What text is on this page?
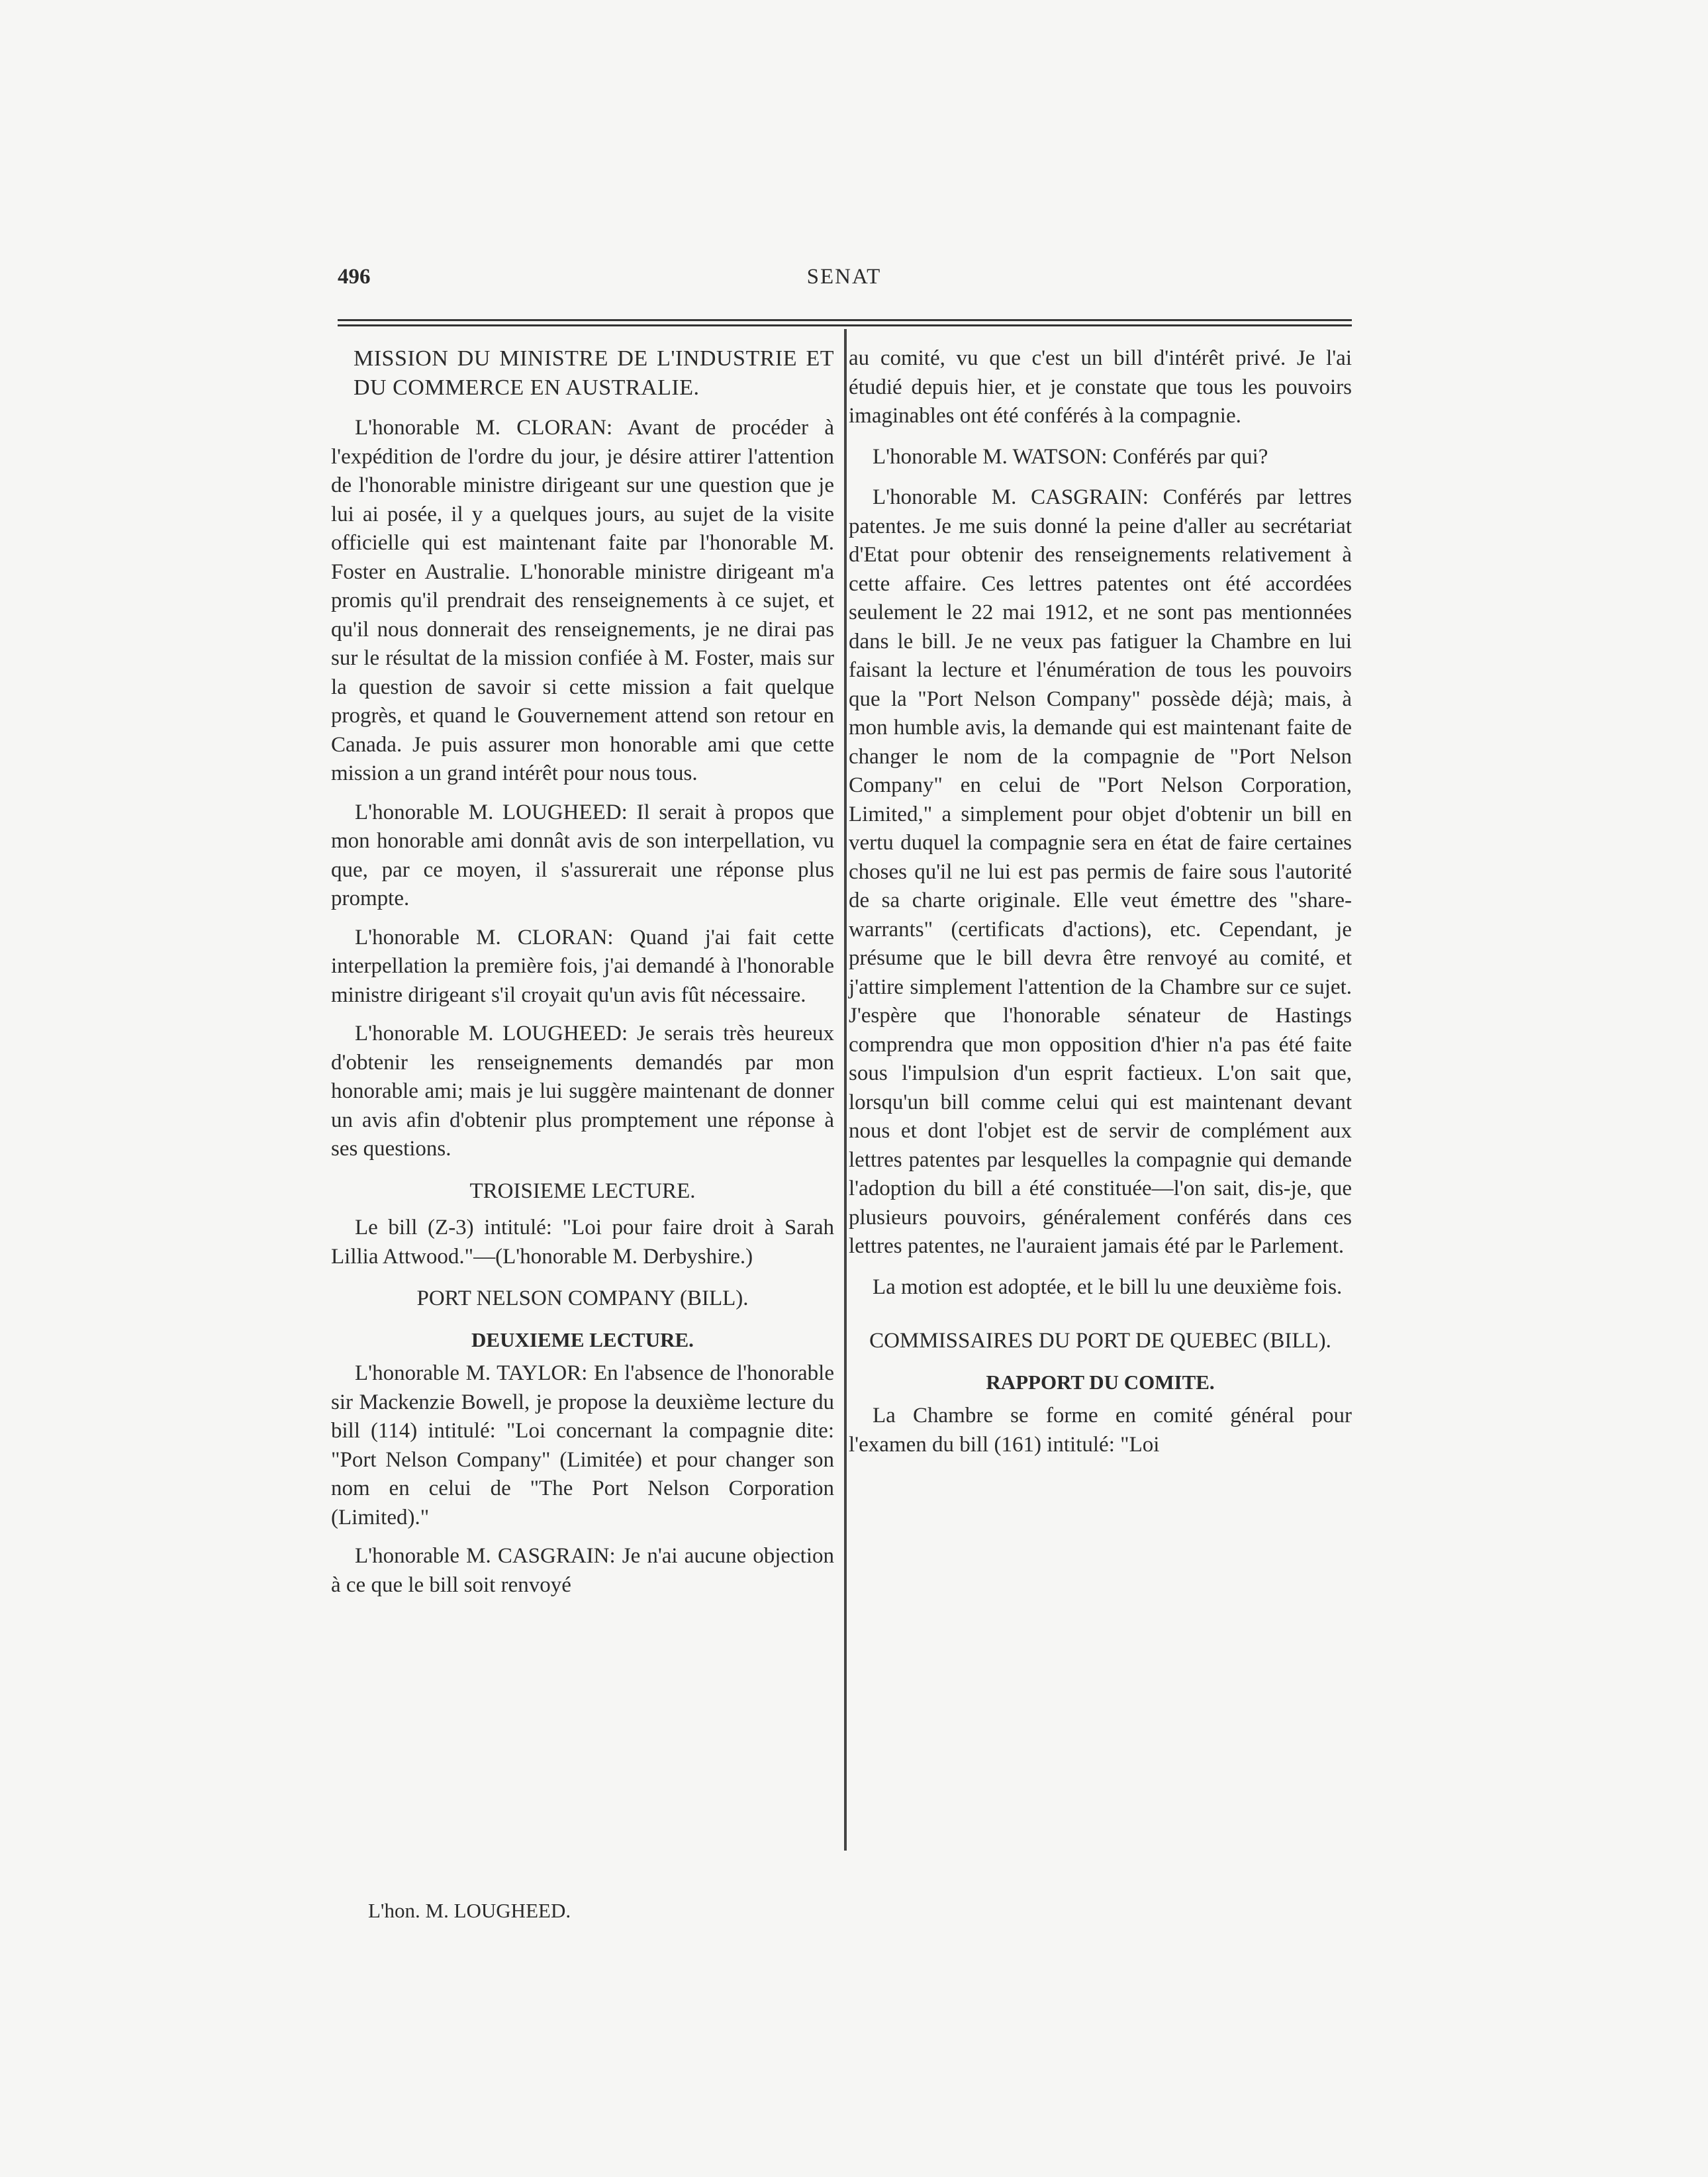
496	SENAT

MISSION DU MINISTRE DE L'INDUSTRIE ET DU COMMERCE EN AUSTRALIE.

L'honorable M. CLORAN: Avant de procéder à l'expédition de l'ordre du jour, je désire attirer l'attention de l'honorable ministre dirigeant sur une question que je lui ai posée, il y a quelques jours, au sujet de la visite officielle qui est maintenant faite par l'honorable M. Foster en Australie. L'honorable ministre dirigeant m'a promis qu'il prendrait des renseignements à ce sujet, et qu'il nous donnerait des renseignements, je ne dirai pas sur le résultat de la mission confiée à M. Foster, mais sur la question de savoir si cette mission a fait quelque progrès, et quand le Gouvernement attend son retour en Canada. Je puis assurer mon honorable ami que cette mission a un grand intérêt pour nous tous.

L'honorable M. LOUGHEED: Il serait à propos que mon honorable ami donnât avis de son interpellation, vu que, par ce moyen, il s'assurerait une réponse plus prompte.

L'honorable M. CLORAN: Quand j'ai fait cette interpellation la première fois, j'ai demandé à l'honorable ministre dirigeant s'il croyait qu'un avis fût nécessaire.

L'honorable M. LOUGHEED: Je serais très heureux d'obtenir les renseignements demandés par mon honorable ami; mais je lui suggère maintenant de donner un avis afin d'obtenir plus promptement une réponse à ses questions.

TROISIEME LECTURE.

Le bill (Z-3) intitulé: "Loi pour faire droit à Sarah Lillia Attwood."—(L'honorable M. Derbyshire.)

PORT NELSON COMPANY (BILL).
DEUXIEME LECTURE.

L'honorable M. TAYLOR: En l'absence de l'honorable sir Mackenzie Bowell, je propose la deuxième lecture du bill (114) intitulé: "Loi concernant la compagnie dite: "Port Nelson Company" (Limitée) et pour changer son nom en celui de "The Port Nelson Corporation (Limited)."

L'honorable M. CASGRAIN: Je n'ai aucune objection à ce que le bill soit renvoyé

au comité, vu que c'est un bill d'intérêt privé. Je l'ai étudié depuis hier, et je constate que tous les pouvoirs imaginables ont été conférés à la compagnie.

L'honorable M. WATSON: Conférés par qui?

L'honorable M. CASGRAIN: Conférés par lettres patentes. Je me suis donné la peine d'aller au secrétariat d'Etat pour obtenir des renseignements relativement à cette affaire. Ces lettres patentes ont été accordées seulement le 22 mai 1912, et ne sont pas mentionnées dans le bill. Je ne veux pas fatiguer la Chambre en lui faisant la lecture et l'énumération de tous les pouvoirs que la "Port Nelson Company" possède déjà; mais, à mon humble avis, la demande qui est maintenant faite de changer le nom de la compagnie de "Port Nelson Company" en celui de "Port Nelson Corporation, Limited," a simplement pour objet d'obtenir un bill en vertu duquel la compagnie sera en état de faire certaines choses qu'il ne lui est pas permis de faire sous l'autorité de sa charte originale. Elle veut émettre des "share-warrants" (certificats d'actions), etc. Cependant, je présume que le bill devra être renvoyé au comité, et j'attire simplement l'attention de la Chambre sur ce sujet. J'espère que l'honorable sénateur de Hastings comprendra que mon opposition d'hier n'a pas été faite sous l'impulsion d'un esprit factieux. L'on sait que, lorsqu'un bill comme celui qui est maintenant devant nous et dont l'objet est de servir de complément aux lettres patentes par lesquelles la compagnie qui demande l'adoption du bill a été constituée—l'on sait, dis-je, que plusieurs pouvoirs, généralement conférés dans ces lettres patentes, ne l'auraient jamais été par le Parlement.

La motion est adoptée, et le bill lu une deuxième fois.

COMMISSAIRES DU PORT DE QUEBEC (BILL).
RAPPORT DU COMITE.

La Chambre se forme en comité général pour l'examen du bill (161) intitulé: "Loi

L'hon. M. LOUGHEED.
